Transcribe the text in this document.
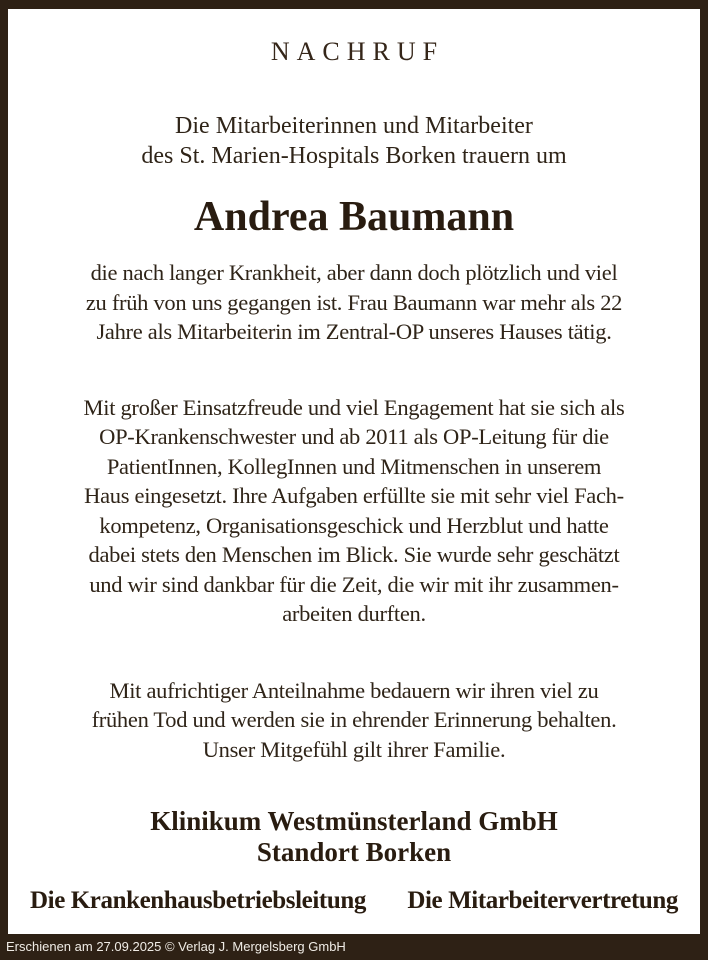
NACHRUF
Die Mitarbeiterinnen und Mitarbeiter
des St. Marien-Hospitals Borken trauern um
Andrea Baumann
die nach langer Krankheit, aber dann doch plötzlich und viel
zu früh von uns gegangen ist. Frau Baumann war mehr als 22
Jahre als Mitarbeiterin im Zentral-OP unseres Hauses tätig.
Mit großer Einsatzfreude und viel Engagement hat sie sich als
OP-Krankenschwester und ab 2011 als OP-Leitung für die
PatientInnen, KollegInnen und Mitmenschen in unserem
Haus eingesetzt. Ihre Aufgaben erfüllte sie mit sehr viel Fach-
kompetenz, Organisationsgeschick und Herzblut und hatte
dabei stets den Menschen im Blick. Sie wurde sehr geschätzt
und wir sind dankbar für die Zeit, die wir mit ihr zusammen-
arbeiten durften.
Mit aufrichtiger Anteilnahme bedauern wir ihren viel zu
frühen Tod und werden sie in ehrender Erinnerung behalten.
Unser Mitgefühl gilt ihrer Familie.
Klinikum Westmünsterland GmbH
Standort Borken
Die Krankenhausbetriebsleitung Die Mitarbeitervertretung
Erschienen am 27.09.2025 © Verlag J. Mergelsberg GmbH
